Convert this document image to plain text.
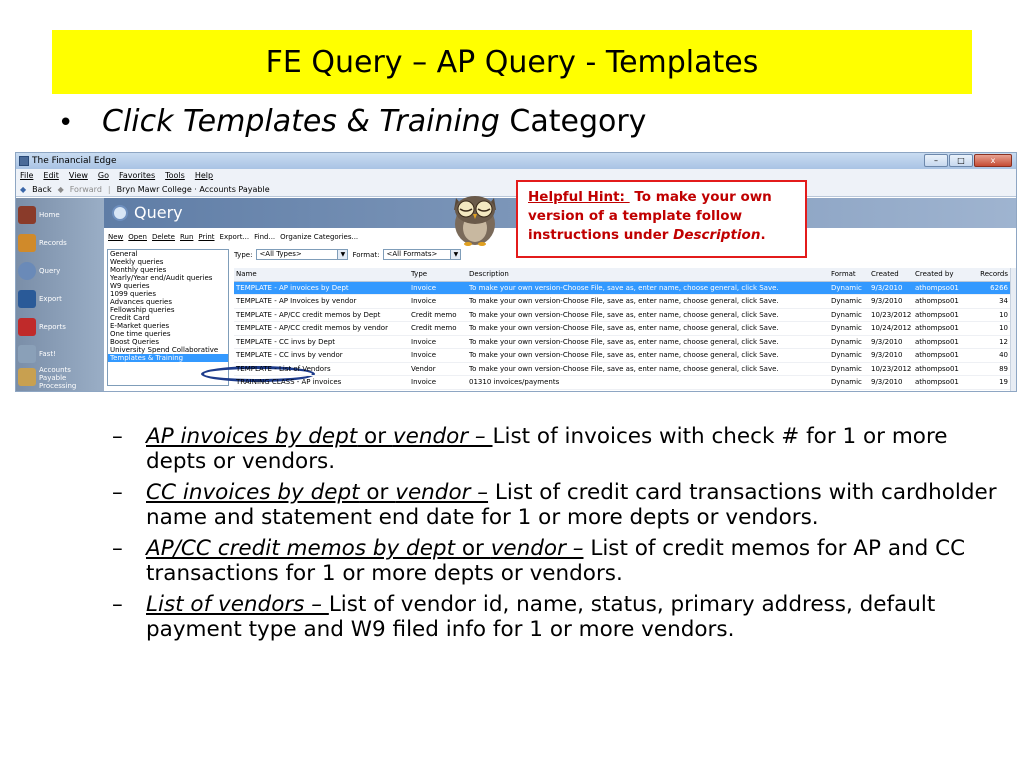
FE Query – AP Query - Templates
• Click Templates & Training Category
The Financial Edge	–	□	x
File Edit View Go Favorites Tools Help
◆ Back ◆ Forward | Bryn Mawr College · Accounts Payable
Home
Records
Query
Export
Reports
Fast!
Accounts Payable Processing
Query
New Open Delete Run Print Export... Find... Organize Categories...
General
Weekly queries
Monthly queries
Yearly/Year end/Audit queries
W9 queries
1099 queries
Advances queries
Fellowship queries
Credit Card
E-Market queries
One time queries
Boost Queries
University Spend Collaborative
Templates & Training
Type:	<All Types>	▼	Format:	<All Formats>	▼
Name	Type	Description	Format	Created	Created by	Records
TEMPLATE - AP invoices by Dept	Invoice	To make your own version-Choose File, save as, enter name, choose general, click Save.	Dynamic	9/3/2010	athompso01	6266
TEMPLATE - AP Invoices by vendor	Invoice	To make your own version-Choose File, save as, enter name, choose general, click Save.	Dynamic	9/3/2010	athompso01	34
TEMPLATE - AP/CC credit memos by Dept	Credit memo	To make your own version-Choose File, save as, enter name, choose general, click Save.	Dynamic	10/23/2012 athompso01	10
TEMPLATE - AP/CC credit memos by vendor	Credit memo	To make your own version-Choose File, save as, enter name, choose general, click Save.	Dynamic	10/24/2012 athompso01	10
TEMPLATE - CC invs by Dept	Invoice	To make your own version-Choose File, save as, enter name, choose general, click Save.	Dynamic	9/3/2010	athompso01	12
TEMPLATE - CC invs by vendor	Invoice	To make your own version-Choose File, save as, enter name, choose general, click Save.	Dynamic	9/3/2010	athompso01	40
TEMPLATE - List of Vendors	Vendor	To make your own version-Choose File, save as, enter name, choose general, click Save.	Dynamic	10/23/2012 athompso01	89
TRAINING CLASS - AP invoices	Invoice	01310 invoices/payments	Dynamic	9/3/2010	athompso01	19
Helpful Hint:  To make your own version of a template follow instructions under Description.
– AP invoices by dept or vendor – List of invoices with check # for 1 or more depts or vendors.
– CC invoices by dept or vendor – List of credit card transactions with cardholder name and statement end date for 1 or more depts or vendors.
– AP/CC credit memos by dept or vendor – List of credit memos for AP and CC transactions for 1 or more depts or vendors.
– List of vendors – List of vendor id, name, status, primary address, default payment type and W9 filed info for 1 or more vendors.
